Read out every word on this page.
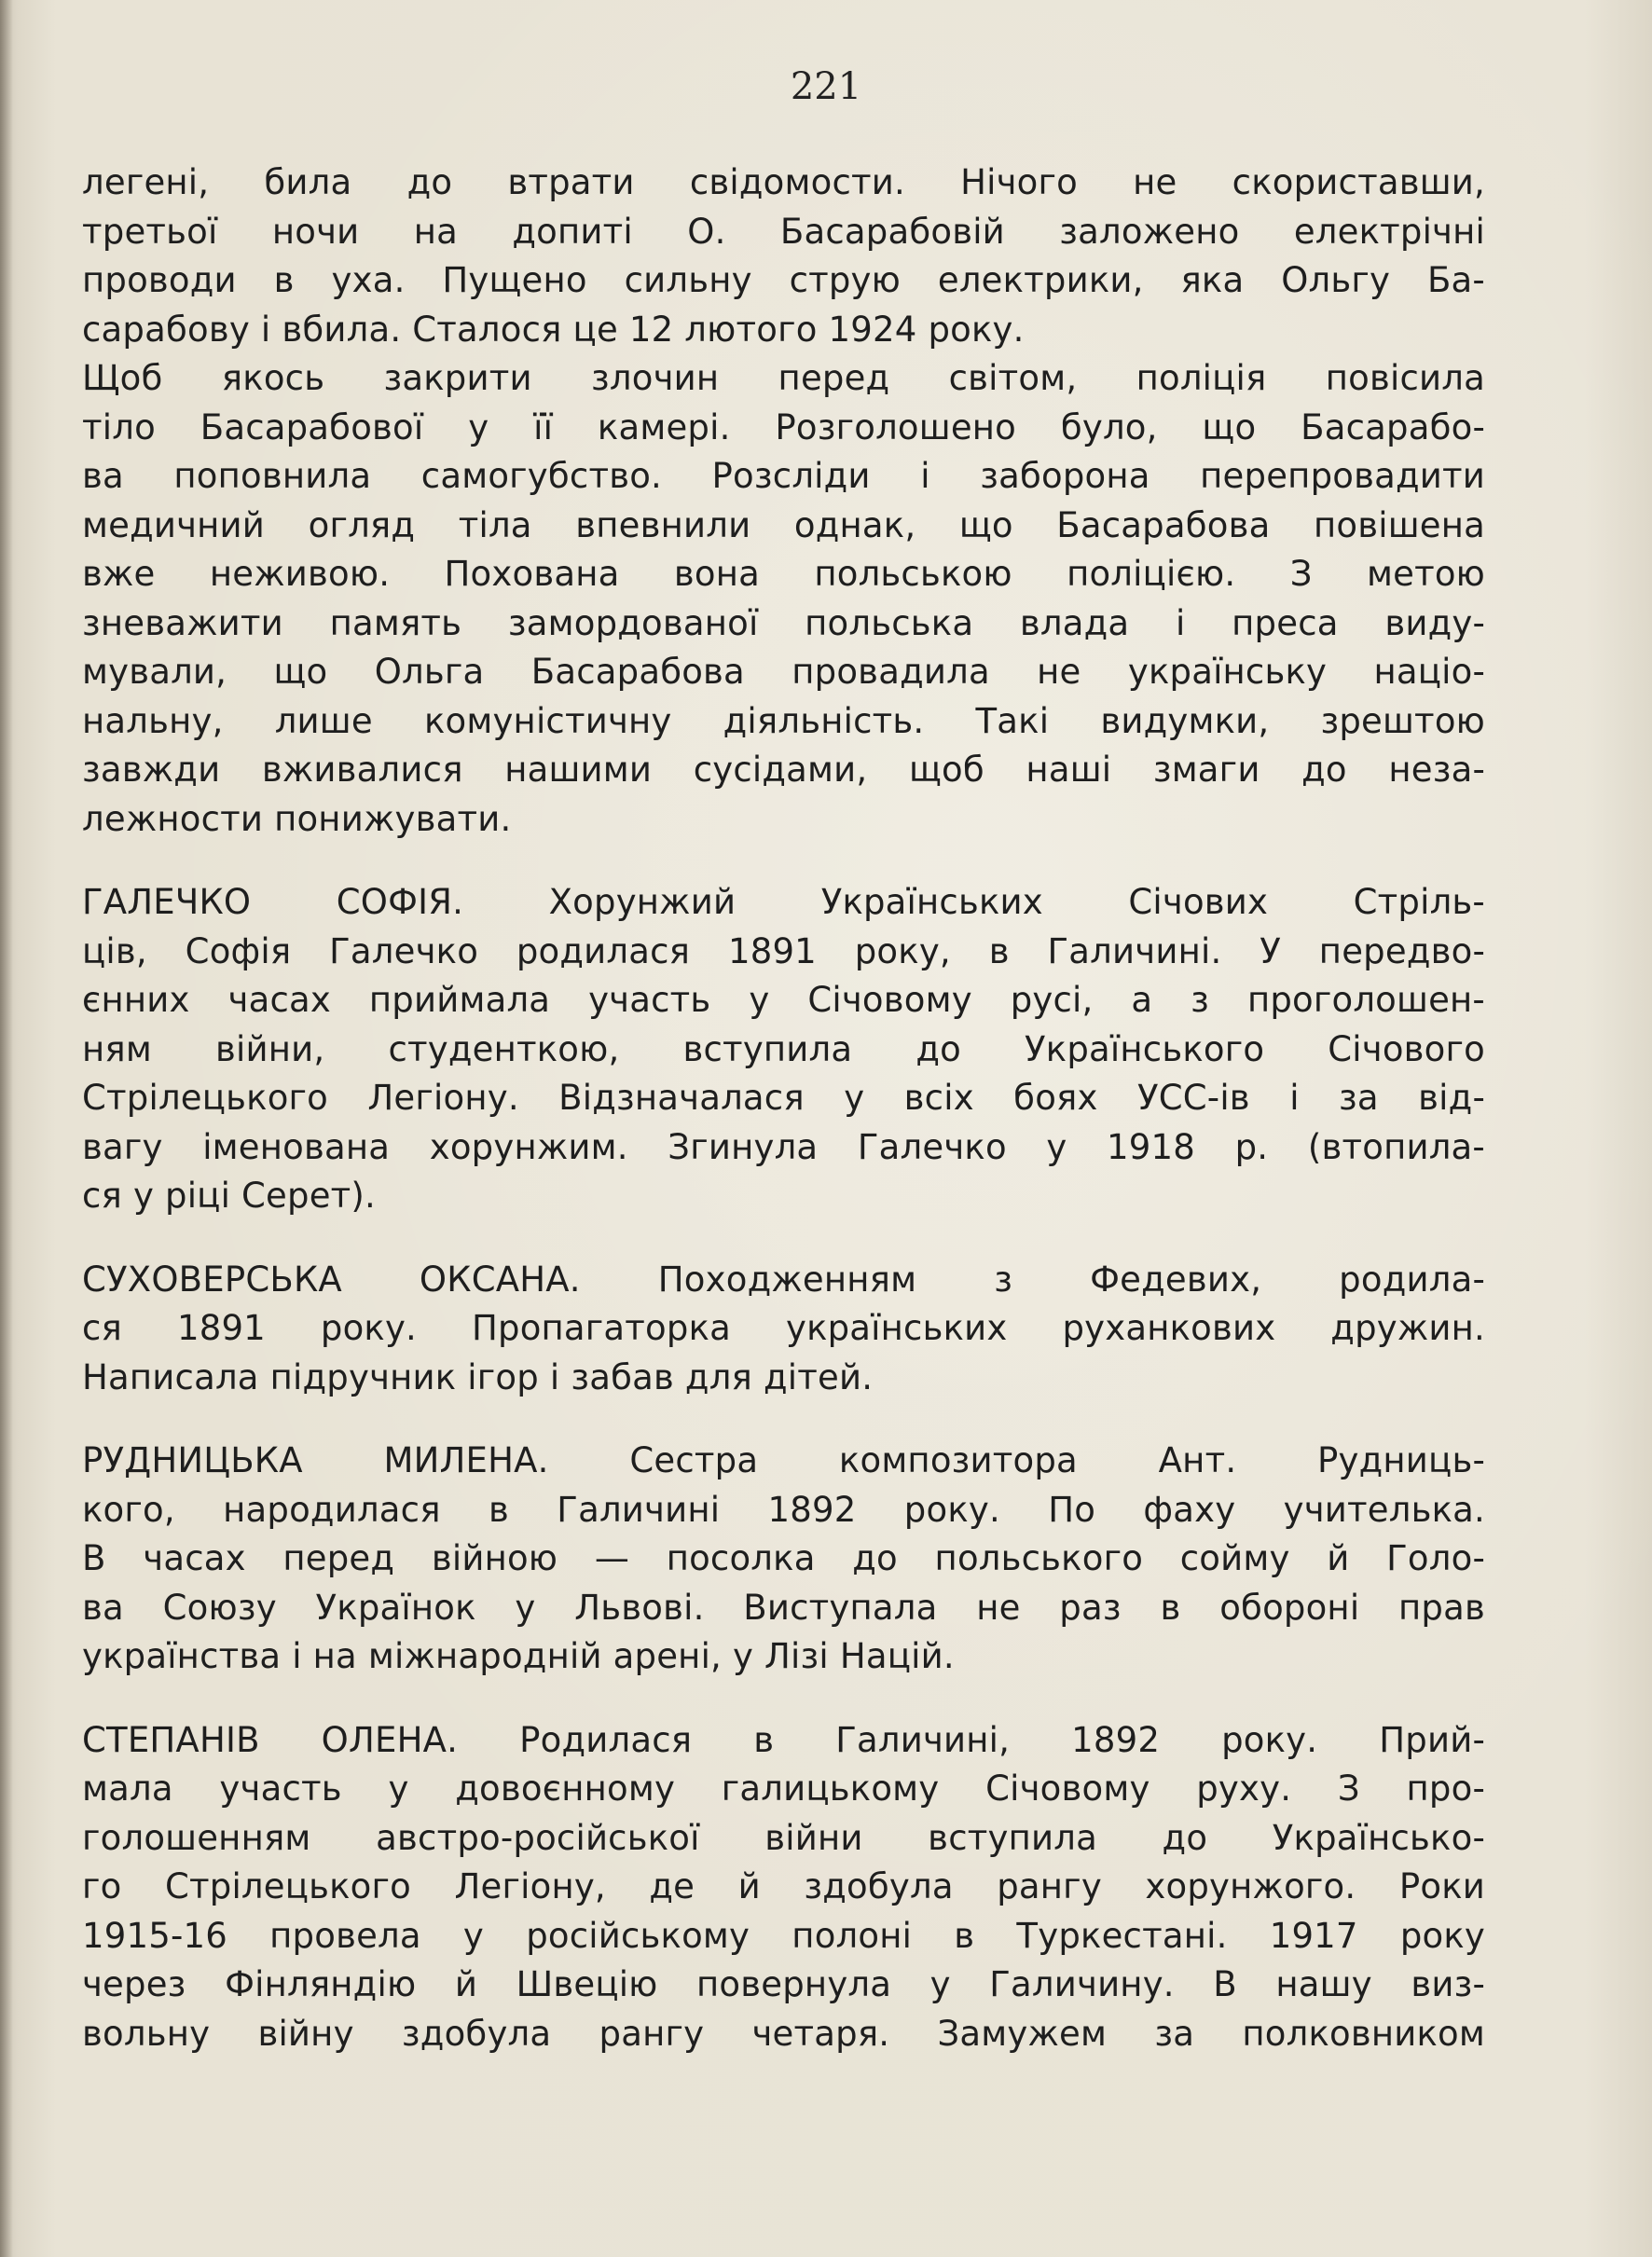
221
легені, била до втрати свідомости. Нічого не скориставши,
третьої ночи на допиті О. Басарабовій заложено електрічні
проводи в уха. Пущено сильну струю електрики, яка Ольгу Ба-
сарабову і вбила. Сталося це 12 лютого 1924 року.
Щоб якось закрити злочин перед світом, поліція повісила
тіло Басарабової у її камері. Розголошено було, що Басарабо-
ва поповнила самогубство. Розсліди і заборона перепровадити
медичний огляд тіла впевнили однак, що Басарабова повішена
вже неживою. Похована вона польською поліцією. З метою
зневажити память замордованої польська влада і преса виду-
мували, що Ольга Басарабова провадила не українську націо-
нальну, лише комуністичну діяльність. Такі видумки, зрештою
завжди вживалися нашими сусідами, щоб наші змаги до неза-
лежности понижувати.
ГАЛЕЧКО СОФІЯ. Хорунжий Українських Січових Стріль-
ців, Софія Галечко родилася 1891 року, в Галичині. У передво-
єнних часах приймала участь у Січовому русі, а з проголошен-
ням війни, студенткою, вступила до Українського Січового
Стрілецького Легіону. Відзначалася у всіх боях УСС-ів і за від-
вагу іменована хорунжим. Згинула Галечко у 1918 р. (втопила-
ся у ріці Серет).
СУХОВЕРСЬКА ОКСАНА. Походженням з Федевих, родила-
ся 1891 року. Пропагаторка українських руханкових дружин.
Написала підручник ігор і забав для дітей.
РУДНИЦЬКА МИЛЕНА. Сестра композитора Ант. Рудниць-
кого, народилася в Галичині 1892 року. По фаху учителька.
В часах перед війною — посолка до польського сойму й Голо-
ва Союзу Українок у Львові. Виступала не раз в обороні прав
українства і на міжнародній арені, у Лізі Націй.
СТЕПАНІВ ОЛЕНА. Родилася в Галичині, 1892 року. Прий-
мала участь у довоєнному галицькому Січовому руху. З про-
голошенням австро-російської війни вступила до Українсько-
го Стрілецького Легіону, де й здобула рангу хорунжого. Роки
1915-16 провела у російському полоні в Туркестані. 1917 року
через Фінляндію й Швецію повернула у Галичину. В нашу виз-
вольну війну здобула рангу четаря. Замужем за полковником
